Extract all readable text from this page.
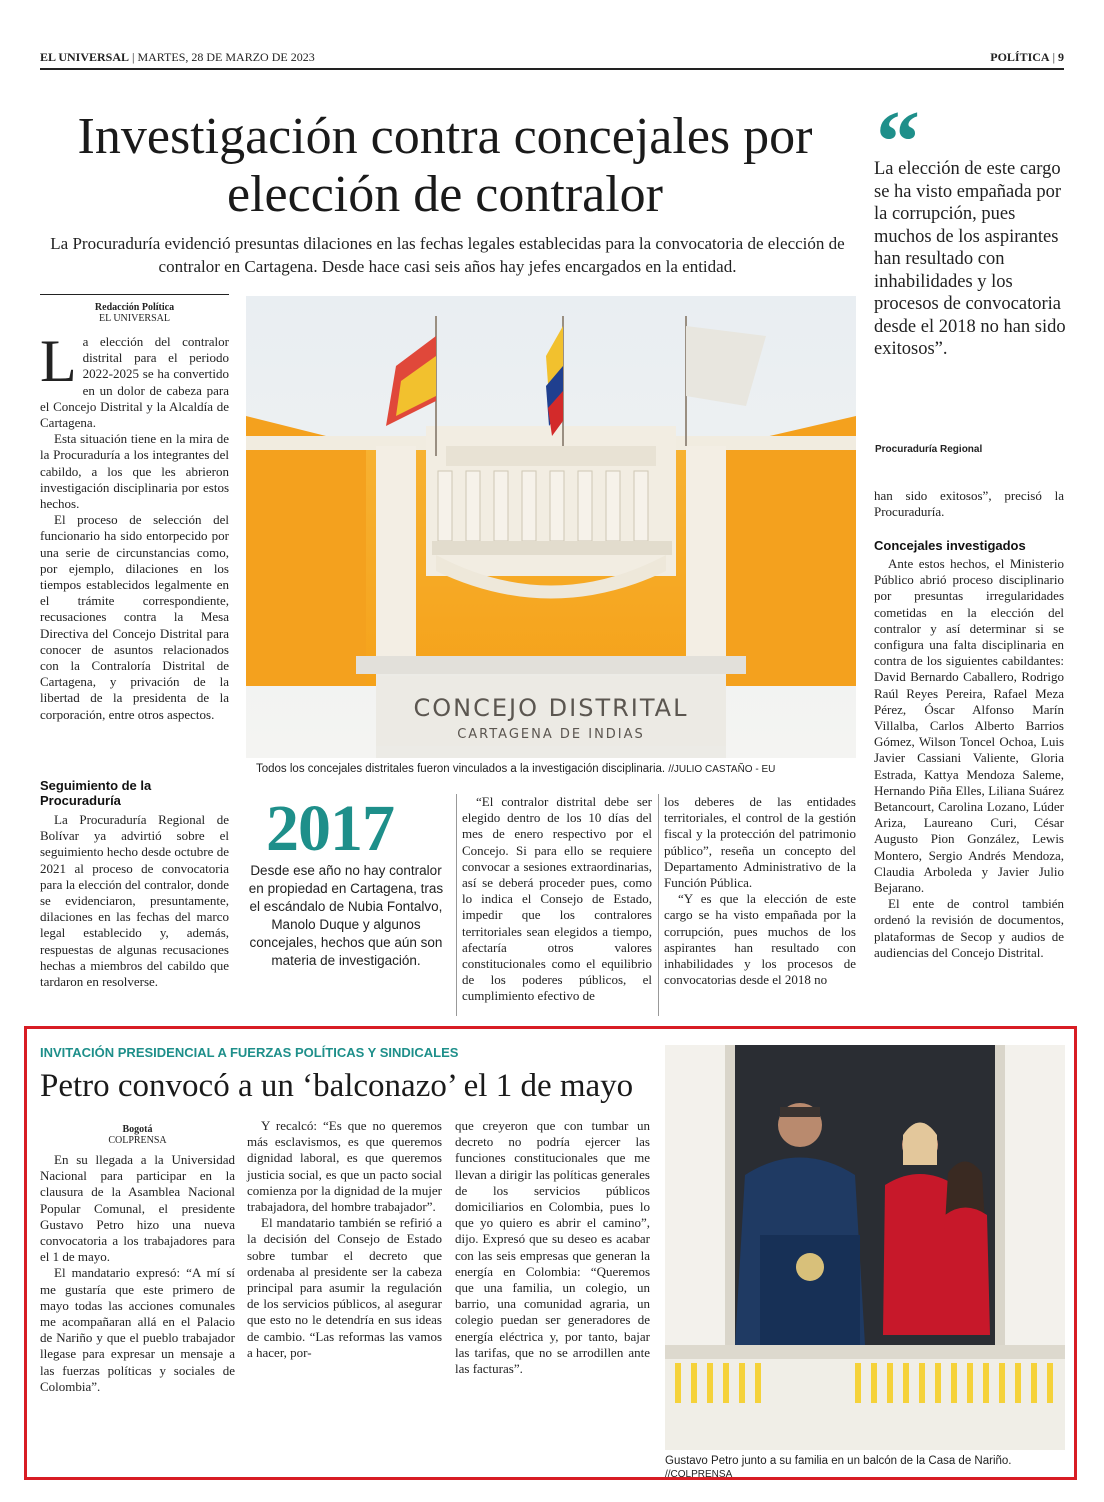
EL UNIVERSAL | MARTES, 28 DE MARZO DE 2023	POLÍTICA | 9
Investigación contra concejales por elección de contralor
La Procuraduría evidenció presuntas dilaciones en las fechas legales establecidas para la convocatoria de elección de contralor en Cartagena. Desde hace casi seis años hay jefes encargados en la entidad.
“
La elección de este cargo se ha visto empañada por la corrupción, pues muchos de los aspirantes han resultado con inhabilidades y los procesos de convocatoria desde el 2018 no han sido exitosos”.
Procuraduría Regional
Redacción Política
EL UNIVERSAL

La elección del contralor distrital para el periodo 2022-2025 se ha convertido en un dolor de cabeza para el Concejo Distrital y la Alcaldía de Cartagena.

Esta situación tiene en la mira de la Procuraduría a los integrantes del cabildo, a los que les abrieron investigación disciplinaria por estos hechos.

El proceso de selección del funcionario ha sido entorpecido por una serie de circunstancias como, por ejemplo, dilaciones en los tiempos establecidos legalmente en el trámite correspondiente, recusaciones contra la Mesa Directiva del Concejo Distrital para conocer de asuntos relacionados con la Contraloría Distrital de Cartagena, y privación de la libertad de la presidenta de la corporación, entre otros aspectos.

Seguimiento de la Procuraduría

La Procuraduría Regional de Bolívar ya advirtió sobre el seguimiento hecho desde octubre de 2021 al proceso de convocatoria para la elección del contralor, donde se evidenciaron, presuntamente, dilaciones en las fechas del marco legal establecido y, además, respuestas de algunas recusaciones hechas a miembros del cabildo que tardaron en resolverse.

CONCEJO DISTRITAL
CARTAGENA DE INDIAS
Todos los concejales distritales fueron vinculados a la investigación disciplinaria. //JULIO CASTAÑO - EU
2017
Desde ese año no hay contralor en propiedad en Cartagena, tras el escándalo de Nubia Fontalvo, Manolo Duque y algunos concejales, hechos que aún son materia de investigación.

“El contralor distrital debe ser elegido dentro de los 10 días del mes de enero respectivo por el Concejo. Si para ello se requiere convocar a sesiones extraordinarias, así se deberá proceder pues, como lo indica el Consejo de Estado, impedir que los contralores territoriales sean elegidos a tiempo, afectaría otros valores constitucionales como el equilibrio de los poderes públicos, el cumplimiento efectivo de

los deberes de las entidades territoriales, el control de la gestión fiscal y la protección del patrimonio público”, reseña un concepto del Departamento Administrativo de la Función Pública.

“Y es que la elección de este cargo se ha visto empañada por la corrupción, pues muchos de los aspirantes han resultado con inhabilidades y los procesos de convocatorias desde el 2018 no

han sido exitosos”, precisó la Procuraduría.

Concejales investigados

Ante estos hechos, el Ministerio Público abrió proceso disciplinario por presuntas irregularidades cometidas en la elección del contralor y así determinar si se configura una falta disciplinaria en contra de los siguientes cabildantes: David Bernardo Caballero, Rodrigo Raúl Reyes Pereira, Rafael Meza Pérez, Óscar Alfonso Marín Villalba, Carlos Alberto Barrios Gómez, Wilson Toncel Ochoa, Luis Javier Cassiani Valiente, Gloria Estrada, Kattya Mendoza Saleme, Hernando Piña Elles, Liliana Suárez Betancourt, Carolina Lozano, Lúder Ariza, Laureano Curi, César Augusto Pion González, Lewis Montero, Sergio Andrés Mendoza, Claudia Arboleda y Javier Julio Bejarano.

El ente de control también ordenó la revisión de documentos, plataformas de Secop y audios de audiencias del Concejo Distrital.

INVITACIÓN PRESIDENCIAL A FUERZAS POLÍTICAS Y SINDICALES
Petro convocó a un ‘balconazo’ el 1 de mayo
Bogotá
COLPRENSA

En su llegada a la Universidad Nacional para participar en la clausura de la Asamblea Nacional Popular Comunal, el presidente Gustavo Petro hizo una nueva convocatoria a los trabajadores para el 1 de mayo.

El mandatario expresó: “A mí sí me gustaría que este primero de mayo todas las acciones comunales me acompañaran allá en el Palacio de Nariño y que el pueblo trabajador llegase para expresar un mensaje a las fuerzas políticas y sociales de Colombia”.

Y recalcó: “Es que no queremos más esclavismos, es que queremos dignidad laboral, es que queremos justicia social, es que un pacto social comienza por la dignidad de la mujer trabajadora, del hombre trabajador”.

El mandatario también se refirió a la decisión del Consejo de Estado sobre tumbar el decreto que ordenaba al presidente ser la cabeza principal para asumir la regulación de los servicios públicos, al asegurar que esto no le detendría en sus ideas de cambio. “Las reformas las vamos a hacer, por-

que creyeron que con tumbar un decreto no podría ejercer las funciones constitucionales que me llevan a dirigir las políticas generales de los servicios públicos domiciliarios en Colombia, pues lo que yo quiero es abrir el camino”, dijo. Expresó que su deseo es acabar con las seis empresas que generan la energía en Colombia: “Queremos que una familia, un colegio, un barrio, una comunidad agraria, un colegio puedan ser generadores de energía eléctrica y, por tanto, bajar las tarifas, que no se arrodillen ante las facturas”.

Gustavo Petro junto a su familia en un balcón de la Casa de Nariño.
//COLPRENSA
